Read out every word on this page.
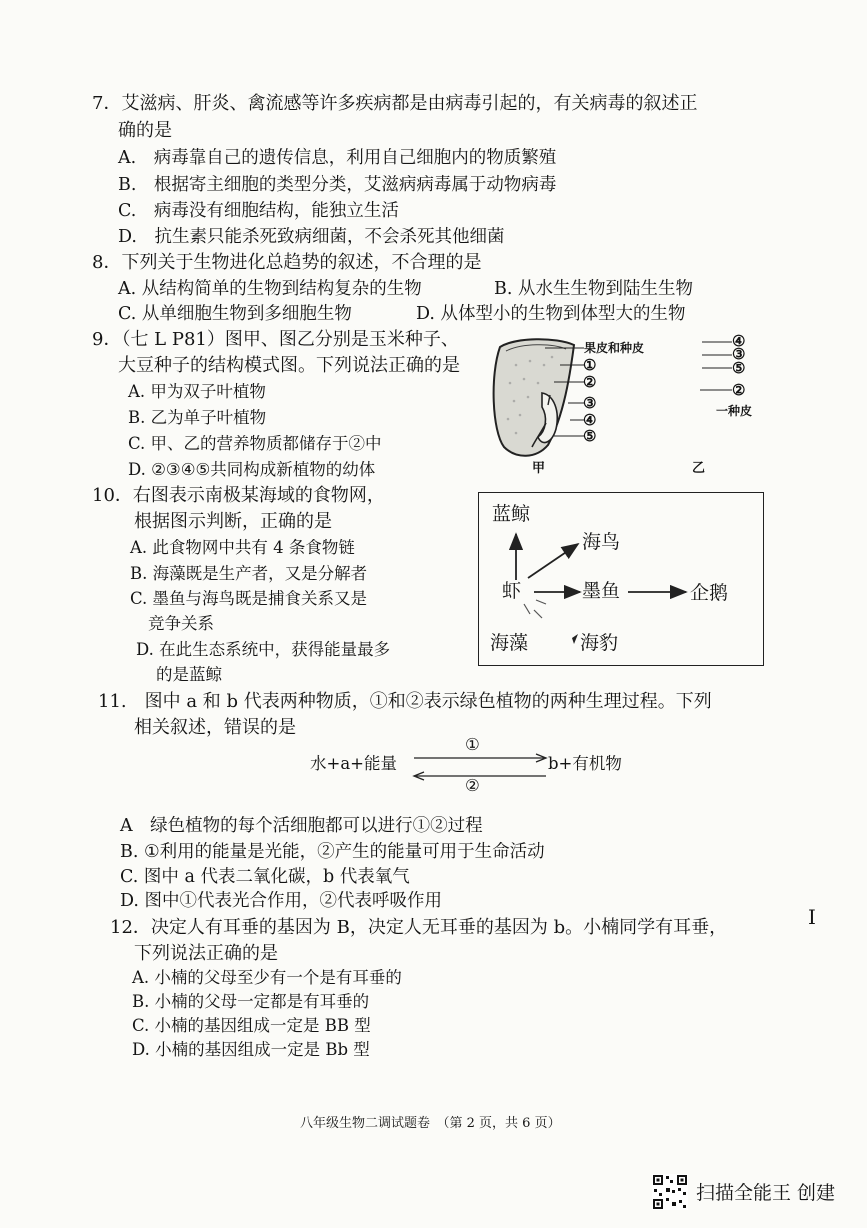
7．艾滋病、肝炎、禽流感等许多疾病都是由病毒引起的，有关病毒的叙述正
确的是
A.　病毒靠自己的遗传信息，利用自己细胞内的物质繁殖
B.　根据寄主细胞的类型分类，艾滋病病毒属于动物病毒
C.　病毒没有细胞结构，能独立生活
D.　抗生素只能杀死致病细菌，不会杀死其他细菌
8．下列关于生物进化总趋势的叙述，不合理的是
A. 从结构简单的生物到结构复杂的生物	B. 从水生生物到陆生生物
C. 从单细胞生物到多细胞生物	D. 从体型小的生物到体型大的生物
9．（七 L P81）图甲、图乙分别是玉米种子、
大豆种子的结构模式图。下列说法正确的是
A. 甲为双子叶植物
B. 乙为单子叶植物
C. 甲、乙的营养物质都储存于②中
D. ②③④⑤共同构成新植物的幼体
果皮和种皮
①
②
③
④
⑤
甲
④
③
⑤
②
一种皮
乙
10．右图表示南极某海域的食物网，
根据图示判断，正确的是
A. 此食物网中共有 4 条食物链
B. 海藻既是生产者，又是分解者
C. 墨鱼与海鸟既是捕食关系又是
竞争关系
D. 在此生态系统中，获得能量最多
的是蓝鲸
蓝鲸
海鸟
虾	墨鱼	企鹅
海藻	海豹
11.　图中 a 和 b 代表两种物质，①和②表示绿色植物的两种生理过程。下列
相关叙述，错误的是
水+a+能量
①
②
b+有机物
A　绿色植物的每个活细胞都可以进行①②过程
B. ①利用的能量是光能，②产生的能量可用于生命活动
C. 图中 a 代表二氧化碳，b 代表氧气
D. 图中①代表光合作用，②代表呼吸作用
12．决定人有耳垂的基因为 B，决定人无耳垂的基因为 b。小楠同学有耳垂，
下列说法正确的是
A. 小楠的父母至少有一个是有耳垂的
B. 小楠的父母一定都是有耳垂的
C. 小楠的基因组成一定是 BB 型
D. 小楠的基因组成一定是 Bb 型
I
八年级生物二调试题卷　（第 2 页，共 6 页）
扫描全能王 创建
